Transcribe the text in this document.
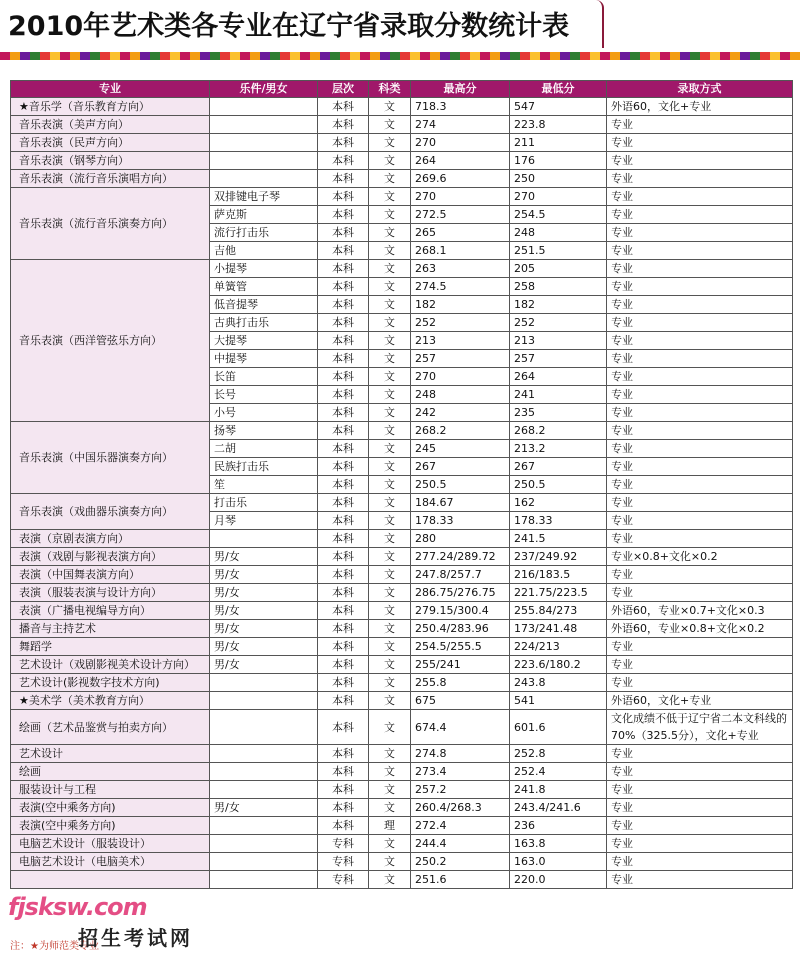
2010年艺术类各专业在辽宁省录取分数统计表
专业	乐件/男女	层次	科类	最高分	最低分	录取方式
★音乐学（音乐教育方向）		本科	文	718.3	547	外语60，文化+专业
音乐表演（美声方向）		本科	文	274	223.8	专业
音乐表演（民声方向）		本科	文	270	211	专业
音乐表演（钢琴方向）		本科	文	264	176	专业
音乐表演（流行音乐演唱方向）		本科	文	269.6	250	专业
音乐表演（流行音乐演奏方向）	双排键电子琴	本科	文	270	270	专业
	萨克斯	本科	文	272.5	254.5	专业
	流行打击乐	本科	文	265	248	专业
	吉他	本科	文	268.1	251.5	专业
音乐表演（西洋管弦乐方向）	小提琴	本科	文	263	205	专业
	单簧管	本科	文	274.5	258	专业
	低音提琴	本科	文	182	182	专业
	古典打击乐	本科	文	252	252	专业
	大提琴	本科	文	213	213	专业
	中提琴	本科	文	257	257	专业
	长笛	本科	文	270	264	专业
	长号	本科	文	248	241	专业
	小号	本科	文	242	235	专业
音乐表演（中国乐器演奏方向）	扬琴	本科	文	268.2	268.2	专业
	二胡	本科	文	245	213.2	专业
	民族打击乐	本科	文	267	267	专业
	笙	本科	文	250.5	250.5	专业
音乐表演（戏曲器乐演奏方向）	打击乐	本科	文	184.67	162	专业
	月琴	本科	文	178.33	178.33	专业
表演（京剧表演方向）		本科	文	280	241.5	专业
表演（戏剧与影视表演方向）	男/女	本科	文	277.24/289.72	237/249.92	专业×0.8+文化×0.2
表演（中国舞表演方向）	男/女	本科	文	247.8/257.7	216/183.5	专业
表演（服装表演与设计方向）	男/女	本科	文	286.75/276.75	221.75/223.5	专业
表演（广播电视编导方向）	男/女	本科	文	279.15/300.4	255.84/273	外语60，专业×0.7+文化×0.3
播音与主持艺术	男/女	本科	文	250.4/283.96	173/241.48	外语60，专业×0.8+文化×0.2
舞蹈学	男/女	本科	文	254.5/255.5	224/213	专业
艺术设计（戏剧影视美术设计方向）	男/女	本科	文	255/241	223.6/180.2	专业
艺术设计(影视数字技术方向)		本科	文	255.8	243.8	专业
★美术学（美术教育方向）		本科	文	675	541	外语60，文化+专业
绘画（艺术品鉴赏与拍卖方向）		本科	文	674.4	601.6	文化成绩不低于辽宁省二本文科线的70%（325.5分），文化+专业
艺术设计		本科	文	274.8	252.8	专业
绘画		本科	文	273.4	252.4	专业
服装设计与工程		本科	文	257.2	241.8	专业
表演(空中乘务方向)	男/女	本科	文	260.4/268.3	243.4/241.6	专业
表演(空中乘务方向)		本科	理	272.4	236	专业
电脑艺术设计（服装设计）		专科	文	244.4	163.8	专业
电脑艺术设计（电脑美术）		专科	文	250.2	163.0	专业
		专科	文	251.6	220.0	专业
注：★为师范类专业
fjsksw.com
招生考试网
